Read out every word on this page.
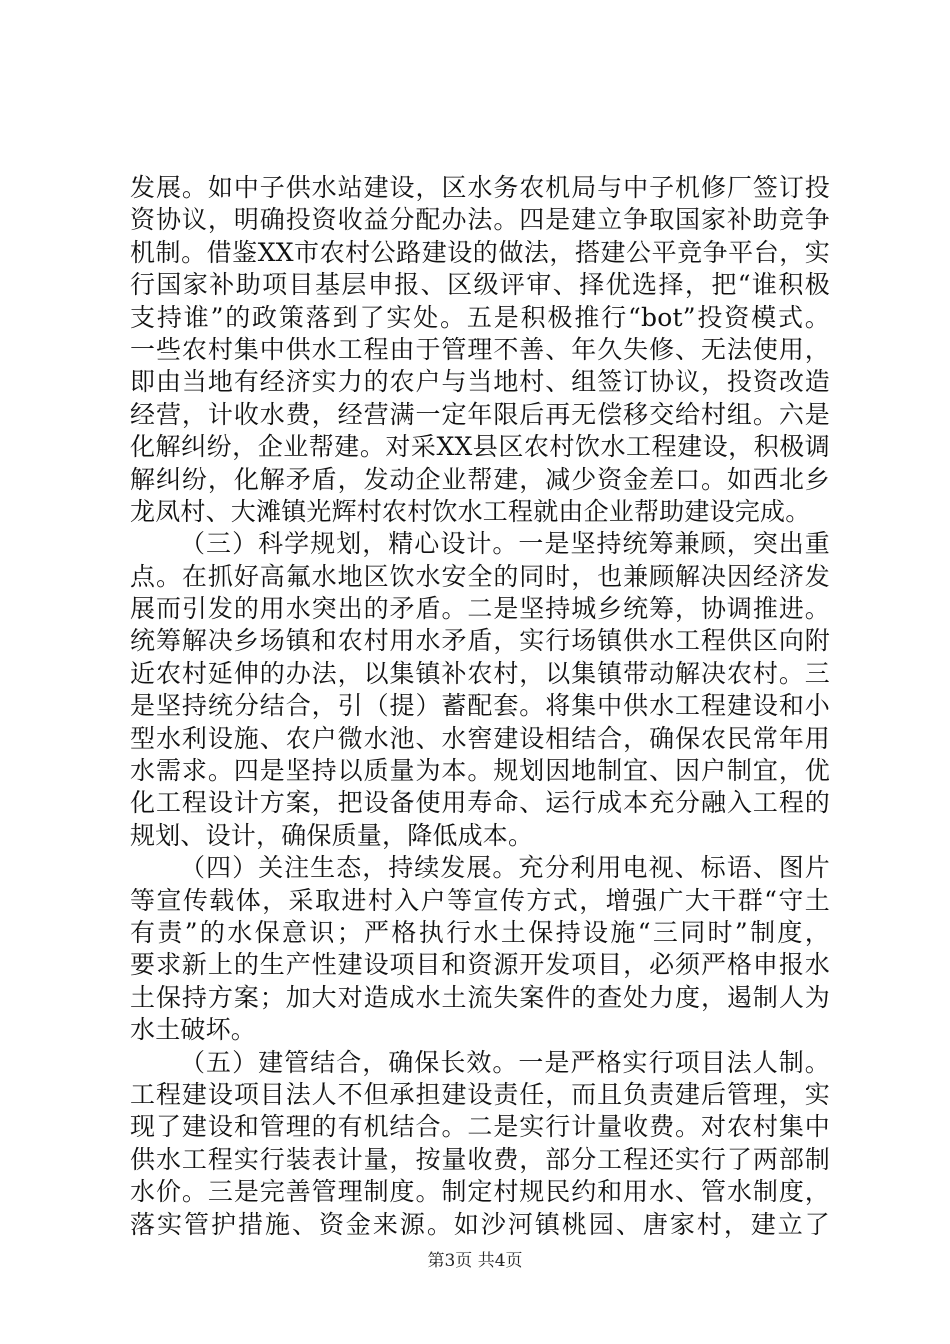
发展。如中子供水站建设，区水务农机局与中子机修厂签订投
资协议，明确投资收益分配办法。四是建立争取国家补助竞争
机制。借鉴XX市农村公路建设的做法，搭建公平竞争平台，实
行国家补助项目基层申报、区级评审、择优选择，把“谁积极
支持谁”的政策落到了实处。五是积极推行“bot”投资模式。
一些农村集中供水工程由于管理不善、年久失修、无法使用，
即由当地有经济实力的农户与当地村、组签订协议，投资改造
经营，计收水费，经营满一定年限后再无偿移交给村组。六是
化解纠纷，企业帮建。对采XX县区农村饮水工程建设，积极调
解纠纷，化解矛盾，发动企业帮建，减少资金差口。如西北乡
龙凤村、大滩镇光辉村农村饮水工程就由企业帮助建设完成。
（三）科学规划，精心设计。一是坚持统筹兼顾，突出重
点。在抓好高氟水地区饮水安全的同时，也兼顾解决因经济发
展而引发的用水突出的矛盾。二是坚持城乡统筹，协调推进。
统筹解决乡场镇和农村用水矛盾，实行场镇供水工程供区向附
近农村延伸的办法，以集镇补农村，以集镇带动解决农村。三
是坚持统分结合，引（提）蓄配套。将集中供水工程建设和小
型水利设施、农户微水池、水窖建设相结合，确保农民常年用
水需求。四是坚持以质量为本。规划因地制宜、因户制宜，优
化工程设计方案，把设备使用寿命、运行成本充分融入工程的
规划、设计，确保质量，降低成本。
（四）关注生态，持续发展。充分利用电视、标语、图片
等宣传载体，采取进村入户等宣传方式，增强广大干群“守土
有责”的水保意识；严格执行水土保持设施“三同时”制度，
要求新上的生产性建设项目和资源开发项目，必须严格申报水
土保持方案；加大对造成水土流失案件的查处力度，遏制人为
水土破坏。
（五）建管结合，确保长效。一是严格实行项目法人制。
工程建设项目法人不但承担建设责任，而且负责建后管理，实
现了建设和管理的有机结合。二是实行计量收费。对农村集中
供水工程实行装表计量，按量收费，部分工程还实行了两部制
水价。三是完善管理制度。制定村规民约和用水、管水制度，
落实管护措施、资金来源。如沙河镇桃园、唐家村，建立了
第3页 共4页
